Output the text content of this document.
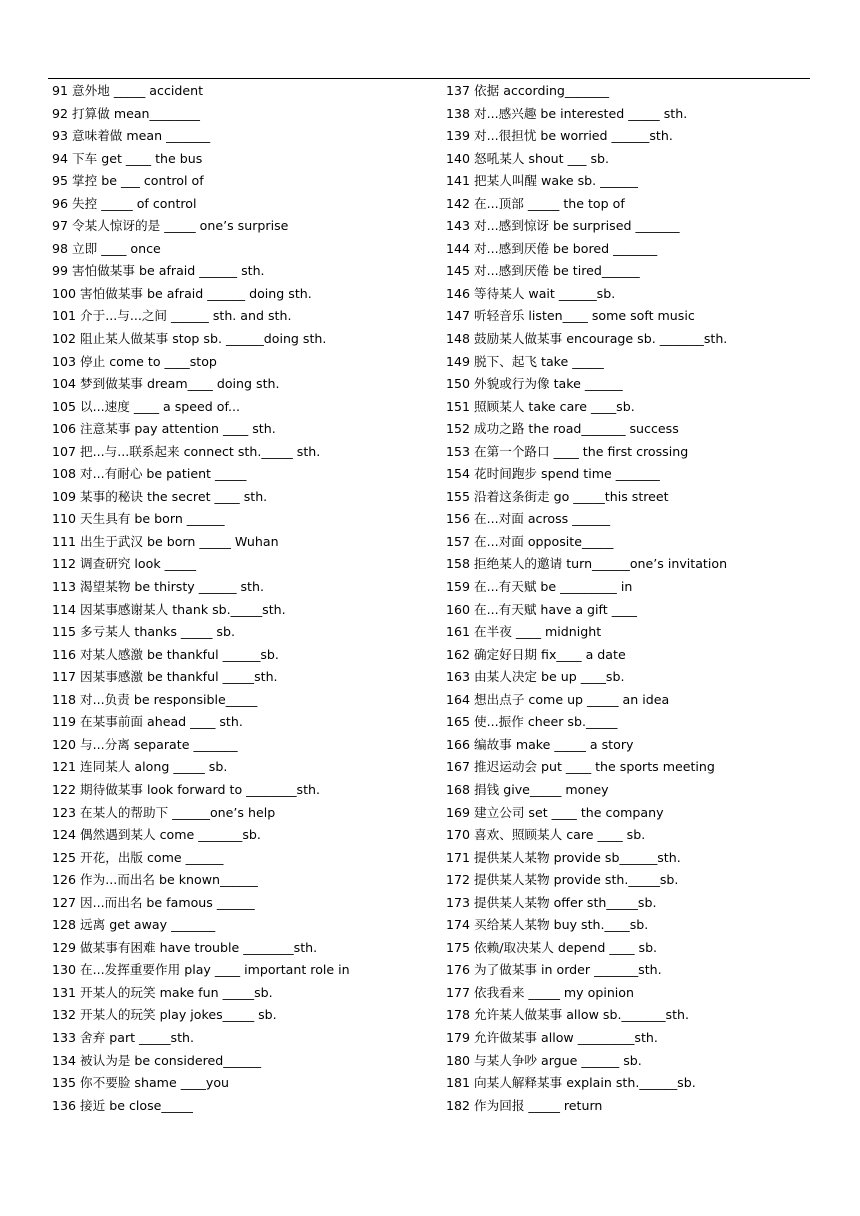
91 意外地 _____ accident
92 打算做 mean________
93 意味着做 mean _______
94 下车 get ____ the bus
95 掌控 be ___ control of
96 失控 _____ of control
97 令某人惊讶的是 _____ one’s surprise
98 立即 ____ once
99 害怕做某事 be afraid ______ sth.
100 害怕做某事 be afraid ______ doing sth.
101 介于...与...之间 ______ sth. and sth.
102 阻止某人做某事 stop sb. ______doing sth.
103 停止 come to ____stop
104 梦到做某事 dream____ doing sth.
105 以...速度 ____ a speed of...
106 注意某事 pay attention ____ sth.
107 把...与...联系起来 connect sth._____ sth.
108 对...有耐心 be patient _____
109 某事的秘诀 the secret ____ sth.
110 天生具有 be born ______
111 出生于武汉 be born _____ Wuhan
112 调查研究 look _____
113 渴望某物 be thirsty ______ sth.
114 因某事感谢某人 thank sb._____sth.
115 多亏某人 thanks _____ sb.
116 对某人感激 be thankful ______sb.
117 因某事感激 be thankful _____sth.
118 对...负责 be responsible_____
119 在某事前面 ahead ____ sth.
120 与...分离 separate _______
121 连同某人 along _____ sb.
122 期待做某事 look forward to ________sth.
123 在某人的帮助下 ______one’s help
124 偶然遇到某人 come _______sb.
125 开花，出版 come ______
126 作为...而出名 be known______
127 因...而出名 be famous ______
128 远离 get away _______
129 做某事有困难 have trouble ________sth.
130 在...发挥重要作用 play ____ important role in
131 开某人的玩笑 make fun _____sb.
132 开某人的玩笑 play jokes_____ sb.
133 舍弃 part _____sth.
134 被认为是 be considered______
135 你不要脸 shame ____you
136 接近 be close_____
137 依据 according_______
138 对...感兴趣 be interested _____ sth.
139 对...很担忧 be worried ______sth.
140 怒吼某人 shout ___ sb.
141 把某人叫醒 wake sb. ______
142 在...顶部 _____ the top of
143 对...感到惊讶 be surprised _______
144 对...感到厌倦 be bored _______
145 对...感到厌倦 be tired______
146 等待某人 wait ______sb.
147 听轻音乐 listen____ some soft music
148 鼓励某人做某事 encourage sb. _______sth.
149 脱下、起飞 take _____
150 外貌或行为像 take ______
151 照顾某人 take care ____sb.
152 成功之路 the road_______ success
153 在第一个路口 ____ the first crossing
154 花时间跑步 spend time _______
155 沿着这条街走 go _____this street
156 在...对面 across ______
157 在...对面 opposite_____
158 拒绝某人的邀请 turn______one’s invitation
159 在...有天赋 be _________ in
160 在...有天赋 have a gift ____
161 在半夜 ____ midnight
162 确定好日期 fix____ a date
163 由某人决定 be up ____sb.
164 想出点子 come up _____ an idea
165 使...振作 cheer sb._____
166 编故事 make _____ a story
167 推迟运动会 put ____ the sports meeting
168 捐钱 give_____ money
169 建立公司 set ____ the company
170 喜欢、照顾某人 care ____ sb.
171 提供某人某物 provide sb______sth.
172 提供某人某物 provide sth._____sb.
173 提供某人某物 offer sth_____sb.
174 买给某人某物 buy sth.____sb.
175 依赖/取决某人 depend ____ sb.
176 为了做某事 in order _______sth.
177 依我看来 _____ my opinion
178 允许某人做某事 allow sb._______sth.
179 允许做某事 allow _________sth.
180 与某人争吵 argue ______ sb.
181 向某人解释某事 explain sth.______sb.
182 作为回报 _____ return
